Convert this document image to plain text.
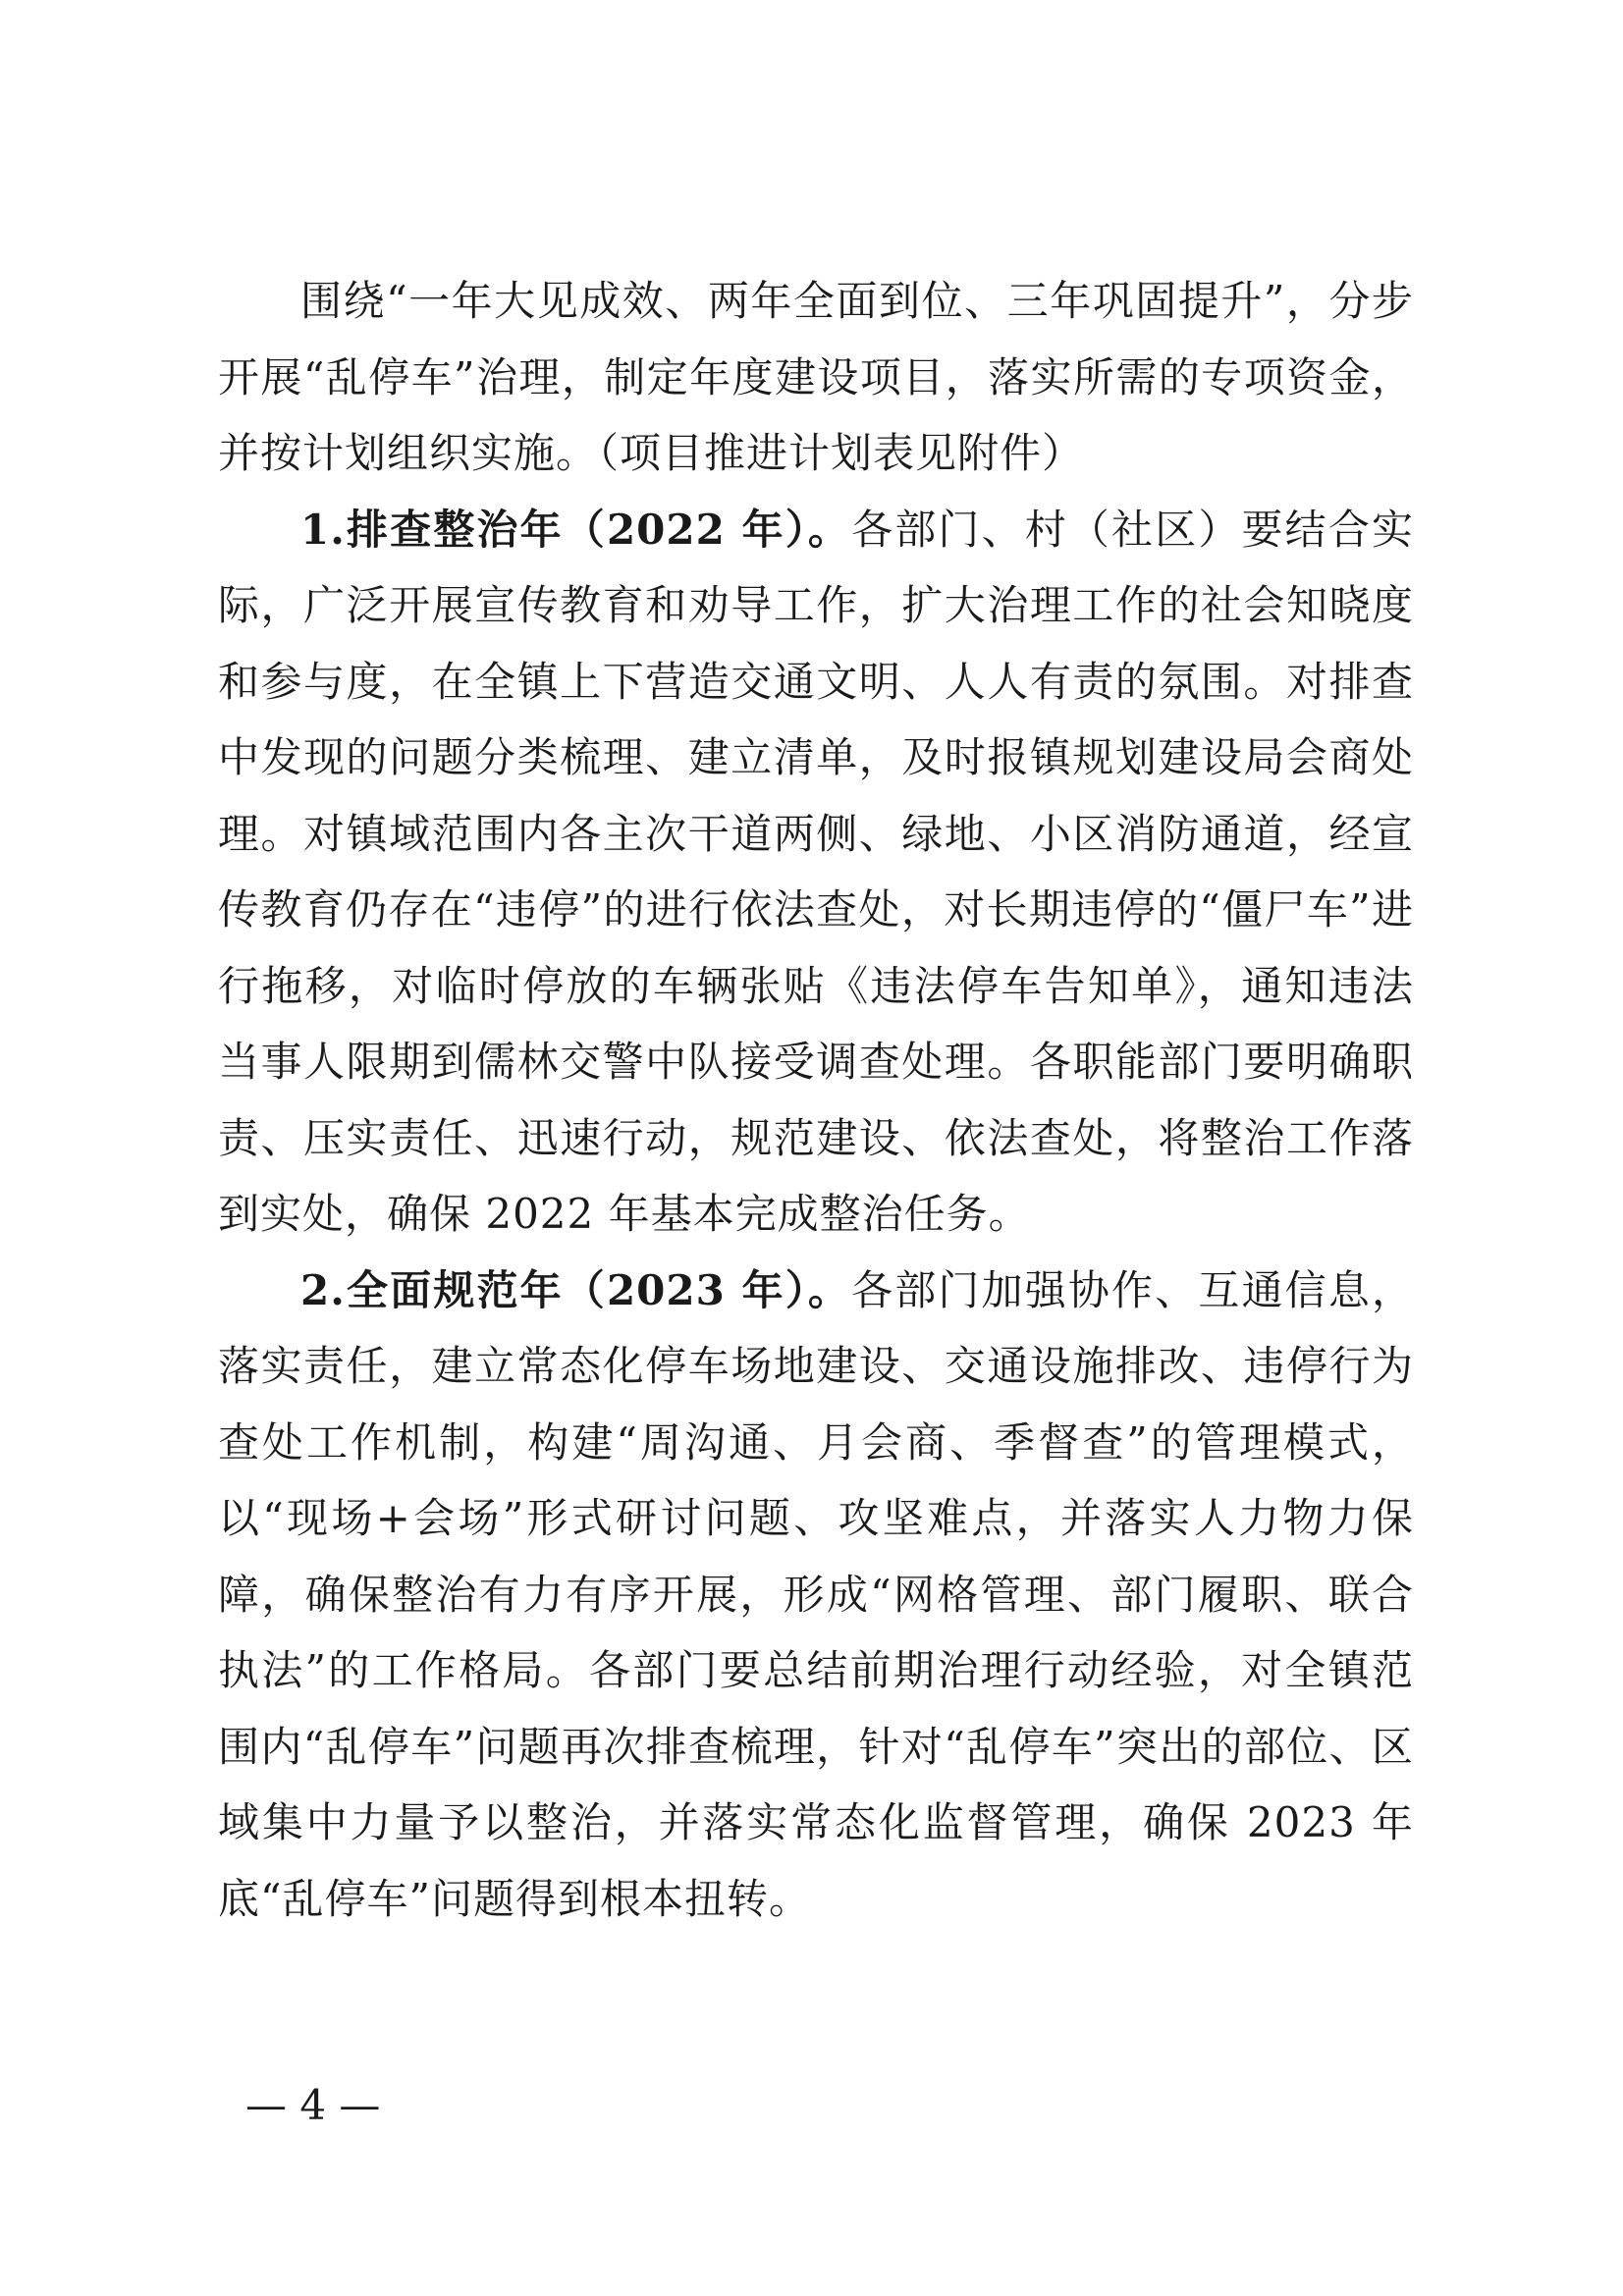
围绕“一年大见成效、两年全面到位、三年巩固提升”，分步开展“乱停车”治理，制定年度建设项目，落实所需的专项资金，并按计划组织实施。（项目推进计划表见附件）

1.排查整治年（2022 年）。各部门、村（社区）要结合实际，广泛开展宣传教育和劝导工作，扩大治理工作的社会知晓度和参与度，在全镇上下营造交通文明、人人有责的氛围。对排查中发现的问题分类梳理、建立清单，及时报镇规划建设局会商处理。对镇域范围内各主次干道两侧、绿地、小区消防通道，经宣传教育仍存在“违停”的进行依法查处，对长期违停的“僵尸车”进行拖移，对临时停放的车辆张贴《违法停车告知单》，通知违法当事人限期到儒林交警中队接受调查处理。各职能部门要明确职责、压实责任、迅速行动，规范建设、依法查处，将整治工作落到实处，确保 2022 年基本完成整治任务。

2.全面规范年（2023 年）。各部门加强协作、互通信息，落实责任，建立常态化停车场地建设、交通设施排改、违停行为查处工作机制，构建“周沟通、月会商、季督查”的管理模式，以“现场+会场”形式研讨问题、攻坚难点，并落实人力物力保障，确保整治有力有序开展，形成“网格管理、部门履职、联合执法”的工作格局。各部门要总结前期治理行动经验，对全镇范围内“乱停车”问题再次排查梳理，针对“乱停车”突出的部位、区域集中力量予以整治，并落实常态化监督管理，确保 2023 年底“乱停车”问题得到根本扭转。

— 4 —
